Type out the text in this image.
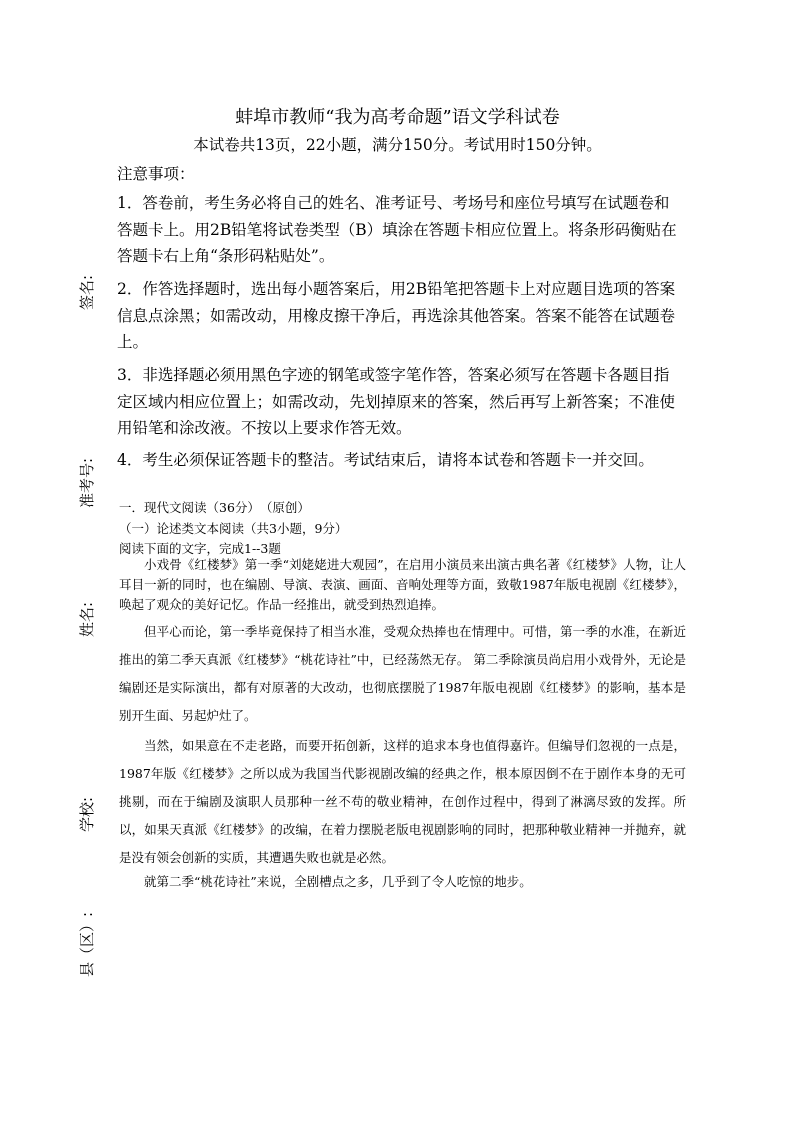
签名:
准考号:
姓名:
学校:
县（区）:
蚌埠市教师“我为高考命题”语文学科试卷
本试卷共13页，22小题，满分150分。考试用时150分钟。
注意事项：

1．答卷前，考生务必将自己的姓名、准考证号、考场号和座位号填写在试题卷和答题卡上。用2B铅笔将试卷类型（B）填涂在答题卡相应位置上。将条形码衡贴在答题卡右上角“条形码粘贴处”。

2．作答选择题时，选出每小题答案后，用2B铅笔把答题卡上对应题目选项的答案信息点涂黑；如需改动，用橡皮擦干净后，再选涂其他答案。答案不能答在试题卷上。

3．非选择题必须用黑色字迹的钢笔或签字笔作答，答案必须写在答题卡各题目指定区域内相应位置上；如需改动，先划掉原来的答案，然后再写上新答案；不准使用铅笔和涂改液。不按以上要求作答无效。

4．考生必须保证答题卡的整洁。考试结束后，请将本试卷和答题卡一并交回。

一．现代文阅读（36分）　（原创）
（一）论述类文本阅读（共3小题，9分）
阅读下面的文字，完成1--3题

小戏骨《红楼梦》第一季“刘姥姥进大观园”，在启用小演员来出演古典名著《红楼梦》人物，让人耳目一新的同时，也在编剧、导演、表演、画面、音响处理等方面，致敬1987年版电视剧《红楼梦》，唤起了观众的美好记忆。作品一经推出，就受到热烈追捧。

但平心而论，第一季毕竟保持了相当水准，受观众热捧也在情理中。可惜，第一季的水准，在新近推出的第二季天真派《红楼梦》“桃花诗社”中，已经荡然无存。 第二季除演员尚启用小戏骨外，无论是编剧还是实际演出，都有对原著的大改动，也彻底摆脱了1987年版电视剧《红楼梦》的影响，基本是别开生面、另起炉灶了。

当然，如果意在不走老路，而要开拓创新，这样的追求本身也值得嘉许。但编导们忽视的一点是，1987年版《红楼梦》之所以成为我国当代影视剧改编的经典之作，根本原因倒不在于剧作本身的无可挑剔，而在于编剧及演职人员那种一丝不苟的敬业精神，在创作过程中，得到了淋漓尽致的发挥。所以，如果天真派《红楼梦》的改编，在着力摆脱老版电视剧影响的同时，把那种敬业精神一并抛弃，就是没有领会创新的实质，其遭遇失败也就是必然。

就第二季“桃花诗社”来说，全剧槽点之多，几乎到了令人吃惊的地步。
